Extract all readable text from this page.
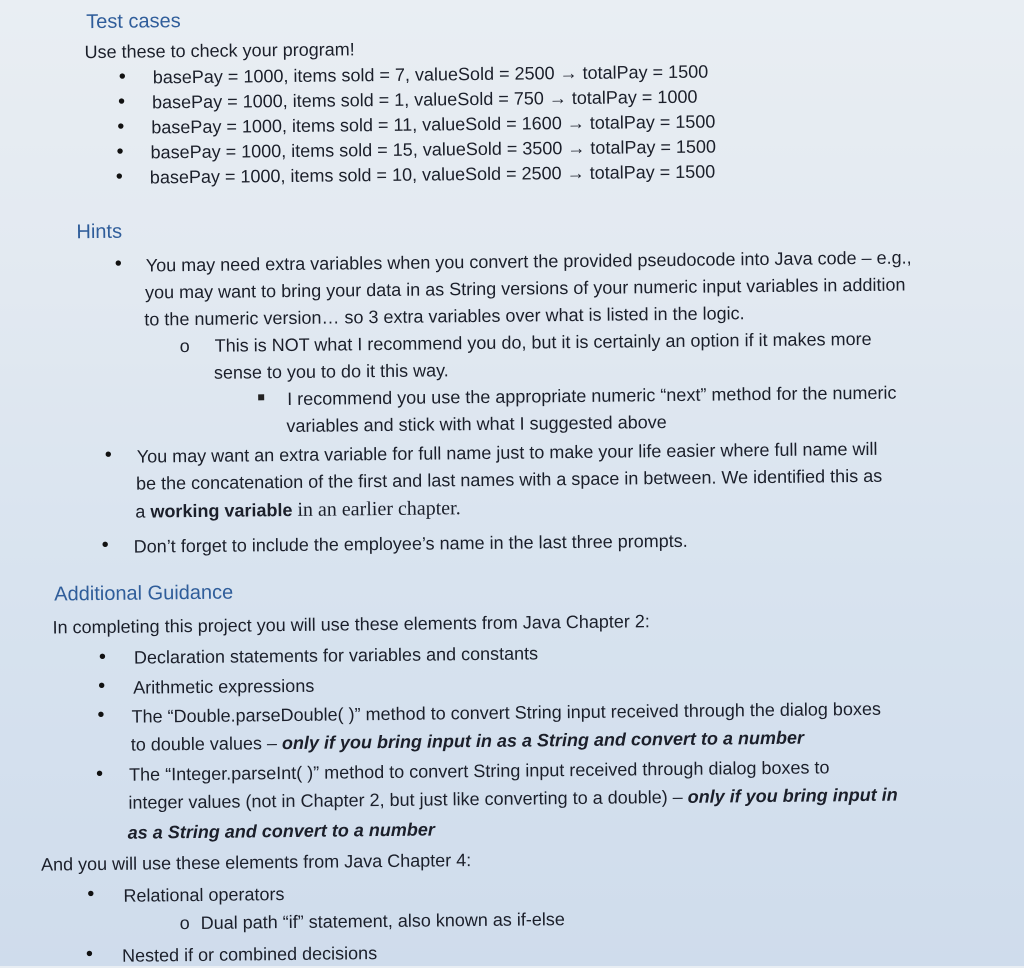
Test cases
Use these to check your program!
• basePay = 1000, items sold = 7, valueSold = 2500 → totalPay = 1500
• basePay = 1000, items sold = 1, valueSold = 750 → totalPay = 1000
• basePay = 1000, items sold = 11, valueSold = 1600 → totalPay = 1500
• basePay = 1000, items sold = 15, valueSold = 3500 → totalPay = 1500
• basePay = 1000, items sold = 10, valueSold = 2500 → totalPay = 1500
Hints
• You may need extra variables when you convert the provided pseudocode into Java code – e.g.,
you may want to bring your data in as String versions of your numeric input variables in addition
to the numeric version… so 3 extra variables over what is listed in the logic.
o This is NOT what I recommend you do, but it is certainly an option if it makes more
sense to you to do it this way.
I recommend you use the appropriate numeric “next” method for the numeric
variables and stick with what I suggested above
• You may want an extra variable for full name just to make your life easier where full name will
be the concatenation of the first and last names with a space in between. We identified this as
a working variable in an earlier chapter.
• Don’t forget to include the employee’s name in the last three prompts.
Additional Guidance
In completing this project you will use these elements from Java Chapter 2:
• Declaration statements for variables and constants
• Arithmetic expressions
• The “Double.parseDouble( )” method to convert String input received through the dialog boxes
to double values – only if you bring input in as a String and convert to a number
• The “Integer.parseInt( )” method to convert String input received through dialog boxes to
integer values (not in Chapter 2, but just like converting to a double) – only if you bring input in
as a String and convert to a number
And you will use these elements from Java Chapter 4:
• Relational operators
o Dual path “if” statement, also known as if-else
• Nested if or combined decisions
